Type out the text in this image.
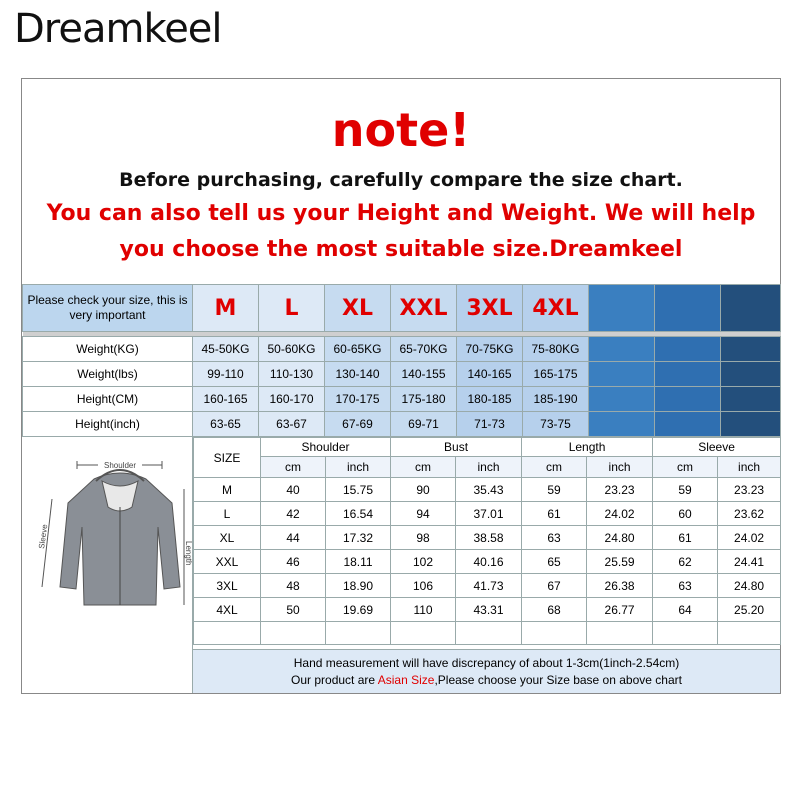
Dreamkeel
note!
Before purchasing, carefully compare the size chart.
You can also tell us your Height and Weight. We will help
you choose the most suitable size.Dreamkeel
Please check your size, this is very important	M	L	XL	XXL	3XL	4XL			

Weight(KG)	45-50KG	50-60KG	60-65KG	65-70KG	70-75KG	75-80KG			
Weight(lbs)	99-110	110-130	130-140	140-155	140-165	165-175			
Height(CM)	160-165	160-170	170-175	175-180	180-185	185-190			
Height(inch)	63-65	63-67	67-69	69-71	71-73	73-75			
Shoulder
Sleeve
Length
SIZE	Shoulder		Bust		Length		Sleeve	
	cm	inch	cm	inch	cm	inch	cm	inch
M	40	15.75	90	35.43	59	23.23	59	23.23
L	42	16.54	94	37.01	61	24.02	60	23.62
XL	44	17.32	98	38.58	63	24.80	61	24.02
XXL	46	18.11	102	40.16	65	25.59	62	24.41
3XL	48	18.90	106	41.73	67	26.38	63	24.80
4XL	50	19.69	110	43.31	68	26.77	64	25.20

Hand measurement will have discrepancy of about 1-3cm(1inch-2.54cm)
Our product are Asian Size,Please choose your Size base on above chart
